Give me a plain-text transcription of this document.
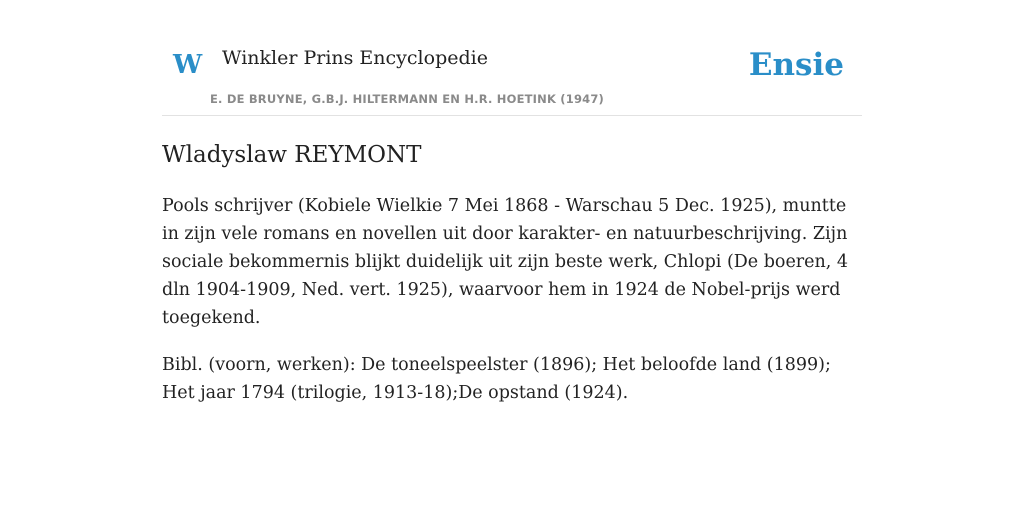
W Winkler Prins Encyclopedie
E. DE BRUYNE, G.B.J. HILTERMANN EN H.R. HOETINK (1947)
Ensie
Wladyslaw REYMONT

Pools schrijver (Kobiele Wielkie 7 Mei 1868 - Warschau 5 Dec. 1925), muntte in zijn vele romans en novellen uit door karakter- en natuurbeschrijving. Zijn sociale bekommernis blijkt duidelijk uit zijn beste werk, Chlopi (De boeren, 4 dln 1904-1909, Ned. vert. 1925), waarvoor hem in 1924 de Nobel-prijs werd toegekend.

Bibl. (voorn, werken): De toneelspeelster (1896); Het beloofde land (1899); Het jaar 1794 (trilogie, 1913-18);De opstand (1924).
